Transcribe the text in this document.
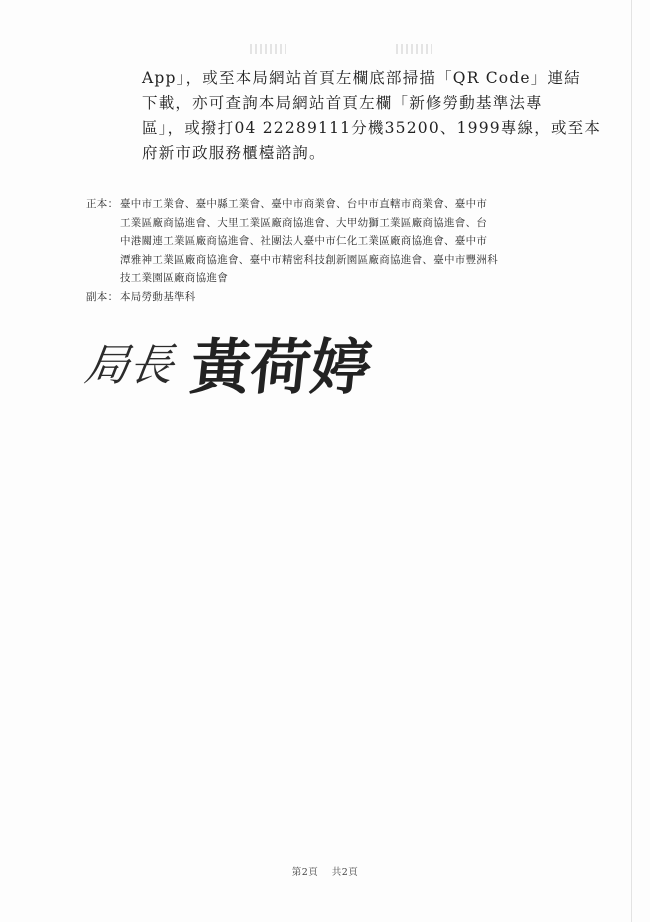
App」，或至本局網站首頁左欄底部掃描「QR Code」連結
下載，亦可查詢本局網站首頁左欄「新修勞動基準法專
區」，或撥打04 22289111分機35200、1999專線，或至本
府新市政服務櫃檯諮詢。
正本： 臺中市工業會、臺中縣工業會、臺中市商業會、台中市直轄市商業會、臺中市
工業區廠商協進會、大里工業區廠商協進會、大甲幼獅工業區廠商協進會、台
中港關連工業區廠商協進會、社團法人臺中市仁化工業區廠商協進會、臺中市
潭雅神工業區廠商協進會、臺中市精密科技創新園區廠商協進會、臺中市豐洲科
技工業園區廠商協進會
副本： 本局勞動基準科
局長 黃荷婷
第2頁 共2頁
